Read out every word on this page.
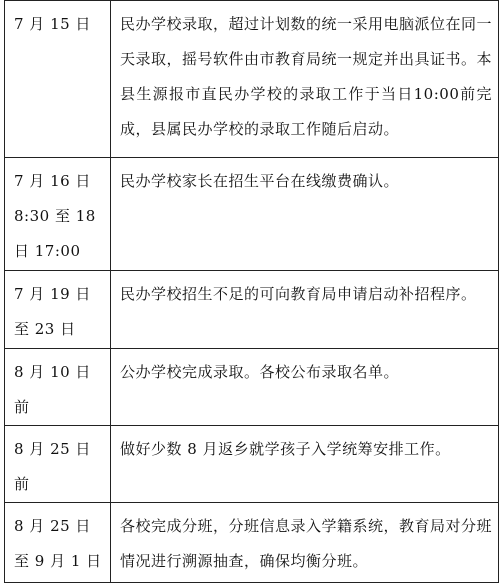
7 月 15 日	民办学校录取，超过计划数的统一采用电脑派位在同一天录取，摇号软件由市教育局统一规定并出具证书。本县生源报市直民办学校的录取工作于当日10:00前完成，县属民办学校的录取工作随后启动。

7 月 16 日 8:30 至 18 日 17:00	民办学校家长在招生平台在线缴费确认。

7 月 19 日至 23 日	民办学校招生不足的可向教育局申请启动补招程序。

8 月 10 日前	公办学校完成录取。各校公布录取名单。

8 月 25 日前	做好少数 8 月返乡就学孩子入学统筹安排工作。

8 月 25 日至 9 月 1 日	各校完成分班，分班信息录入学籍系统，教育局对分班情况进行溯源抽查，确保均衡分班。
